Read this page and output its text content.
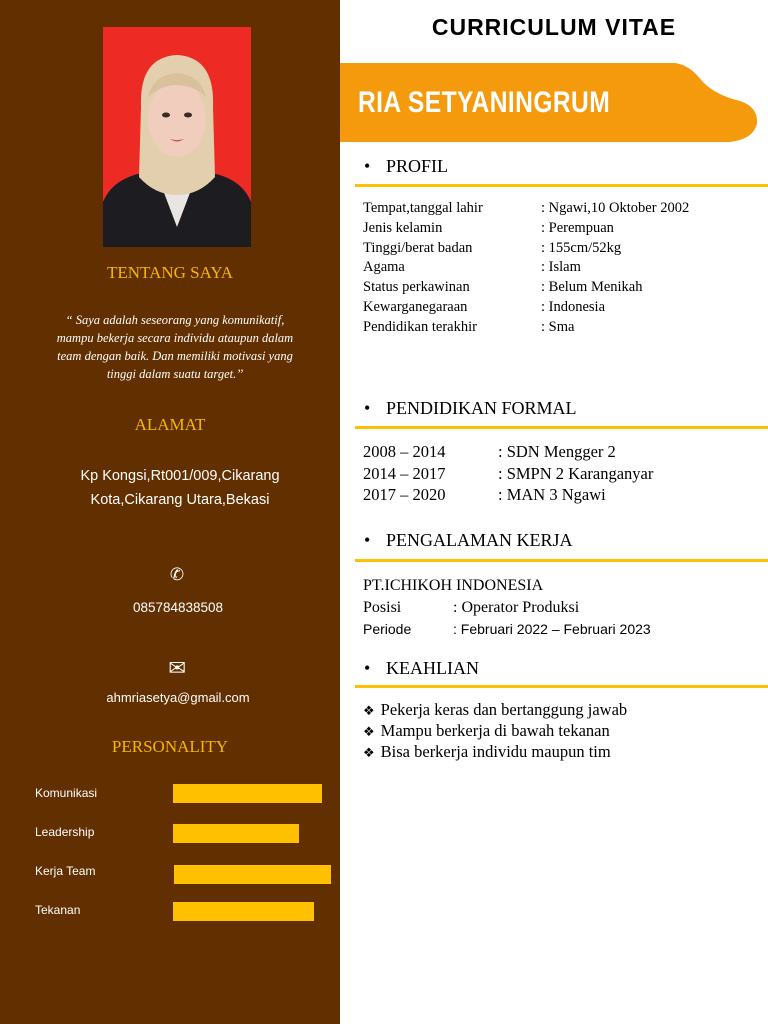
TENTANG SAYA
“ Saya adalah seseorang yang komunikatif,
mampu bekerja secara individu ataupun dalam
team dengan baik. Dan memiliki motivasi yang
tinggi dalam suatu target.’’
ALAMAT
Kp Kongsi,Rt001/009,Cikarang
Kota,Cikarang Utara,Bekasi
✆
085784838508
✉
ahmriasetya@gmail.com
PERSONALITY
Komunikasi
Leadership
Kerja Team
Tekanan
CURRICULUM VITAE
RIA SETYANINGRUM
• PROFIL
Tempat,tanggal lahir	: Ngawi,10 Oktober 2002
Jenis kelamin	: Perempuan
Tinggi/berat badan	: 155cm/52kg
Agama	: Islam
Status perkawinan	: Belum Menikah
Kewarganegaraan	: Indonesia
Pendidikan terakhir	: Sma
• PENDIDIKAN FORMAL
2008 – 2014	: SDN Mengger 2
2014 – 2017	: SMPN 2 Karanganyar
2017 – 2020	: MAN 3 Ngawi
• PENGALAMAN KERJA
PT.ICHIKOH INDONESIA
Posisi	: Operator Produksi
Periode	: Februari 2022 – Februari 2023
• KEAHLIAN
❖ Pekerja keras dan bertanggung jawab
❖ Mampu berkerja di bawah tekanan
❖ Bisa berkerja individu maupun tim
